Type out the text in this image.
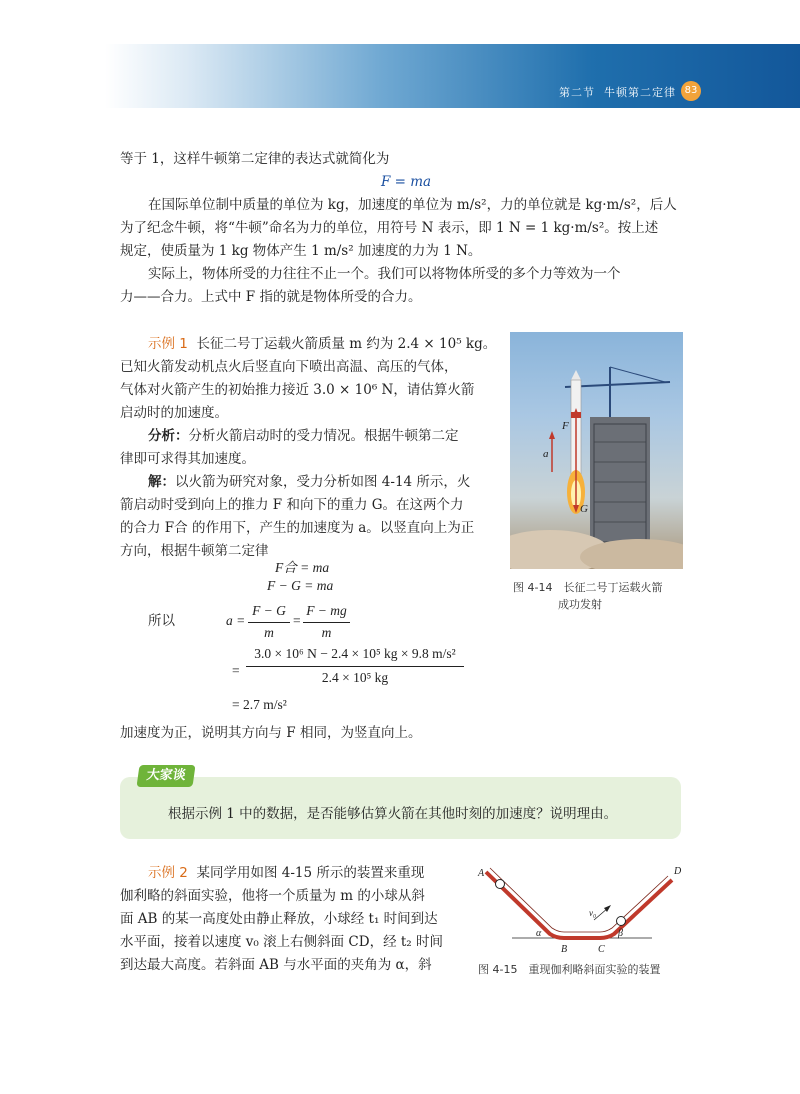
第二节 牛顿第二定律 83
等于 1，这样牛顿第二定律的表达式就简化为
F = ma
在国际单位制中质量的单位为 kg，加速度的单位为 m/s²，力的单位就是 kg·m/s²，后人
为了纪念牛顿，将“牛顿”命名为力的单位，用符号 N 表示，即 1 N = 1 kg·m/s²。按上述
规定，使质量为 1 kg 物体产生 1 m/s² 加速度的力为 1 N。
实际上，物体所受的力往往不止一个。我们可以将物体所受的多个力等效为一个
力——合力。上式中 F 指的就是物体所受的合力。
示例 1 长征二号丁运载火箭质量 m 约为 2.4 × 10⁵ kg。
已知火箭发动机点火后竖直向下喷出高温、高压的气体，
气体对火箭产生的初始推力接近 3.0 × 10⁶ N，请估算火箭
启动时的加速度。
分析：分析火箭启动时的受力情况。根据牛顿第二定
律即可求得其加速度。
解：以火箭为研究对象，受力分析如图 4-14 所示，火
箭启动时受到向上的推力 F 和向下的重力 G。在这两个力
的合力 F合 的作用下，产生的加速度为 a。以竖直向上为正
方向，根据牛顿第二定律
F合 = ma
F − G = ma
所以	a =
F − G
m
=
F − mg
m
=
3.0 × 10⁶ N − 2.4 × 10⁵ kg × 9.8 m/s²
2.4 × 10⁵ kg
= 2.7 m/s²
加速度为正，说明其方向与 F 相同，为竖直向上。
F
a
G
图 4-14　长征二号丁运载火箭
成功发射
大家谈
根据示例 1 中的数据，是否能够估算火箭在其他时刻的加速度？说明理由。
示例 2 某同学用如图 4-15 所示的装置来重现
伽利略的斜面实验，他将一个质量为 m 的小球从斜
面 AB 的某一高度处由静止释放，小球经 t₁ 时间到达
水平面，接着以速度 v₀ 滚上右侧斜面 CD，经 t₂ 时间
到达最大高度。若斜面 AB 与水平面的夹角为 α，斜
A	D
B	C
α	β
v₀
图 4-15　重现伽利略斜面实验的装置
